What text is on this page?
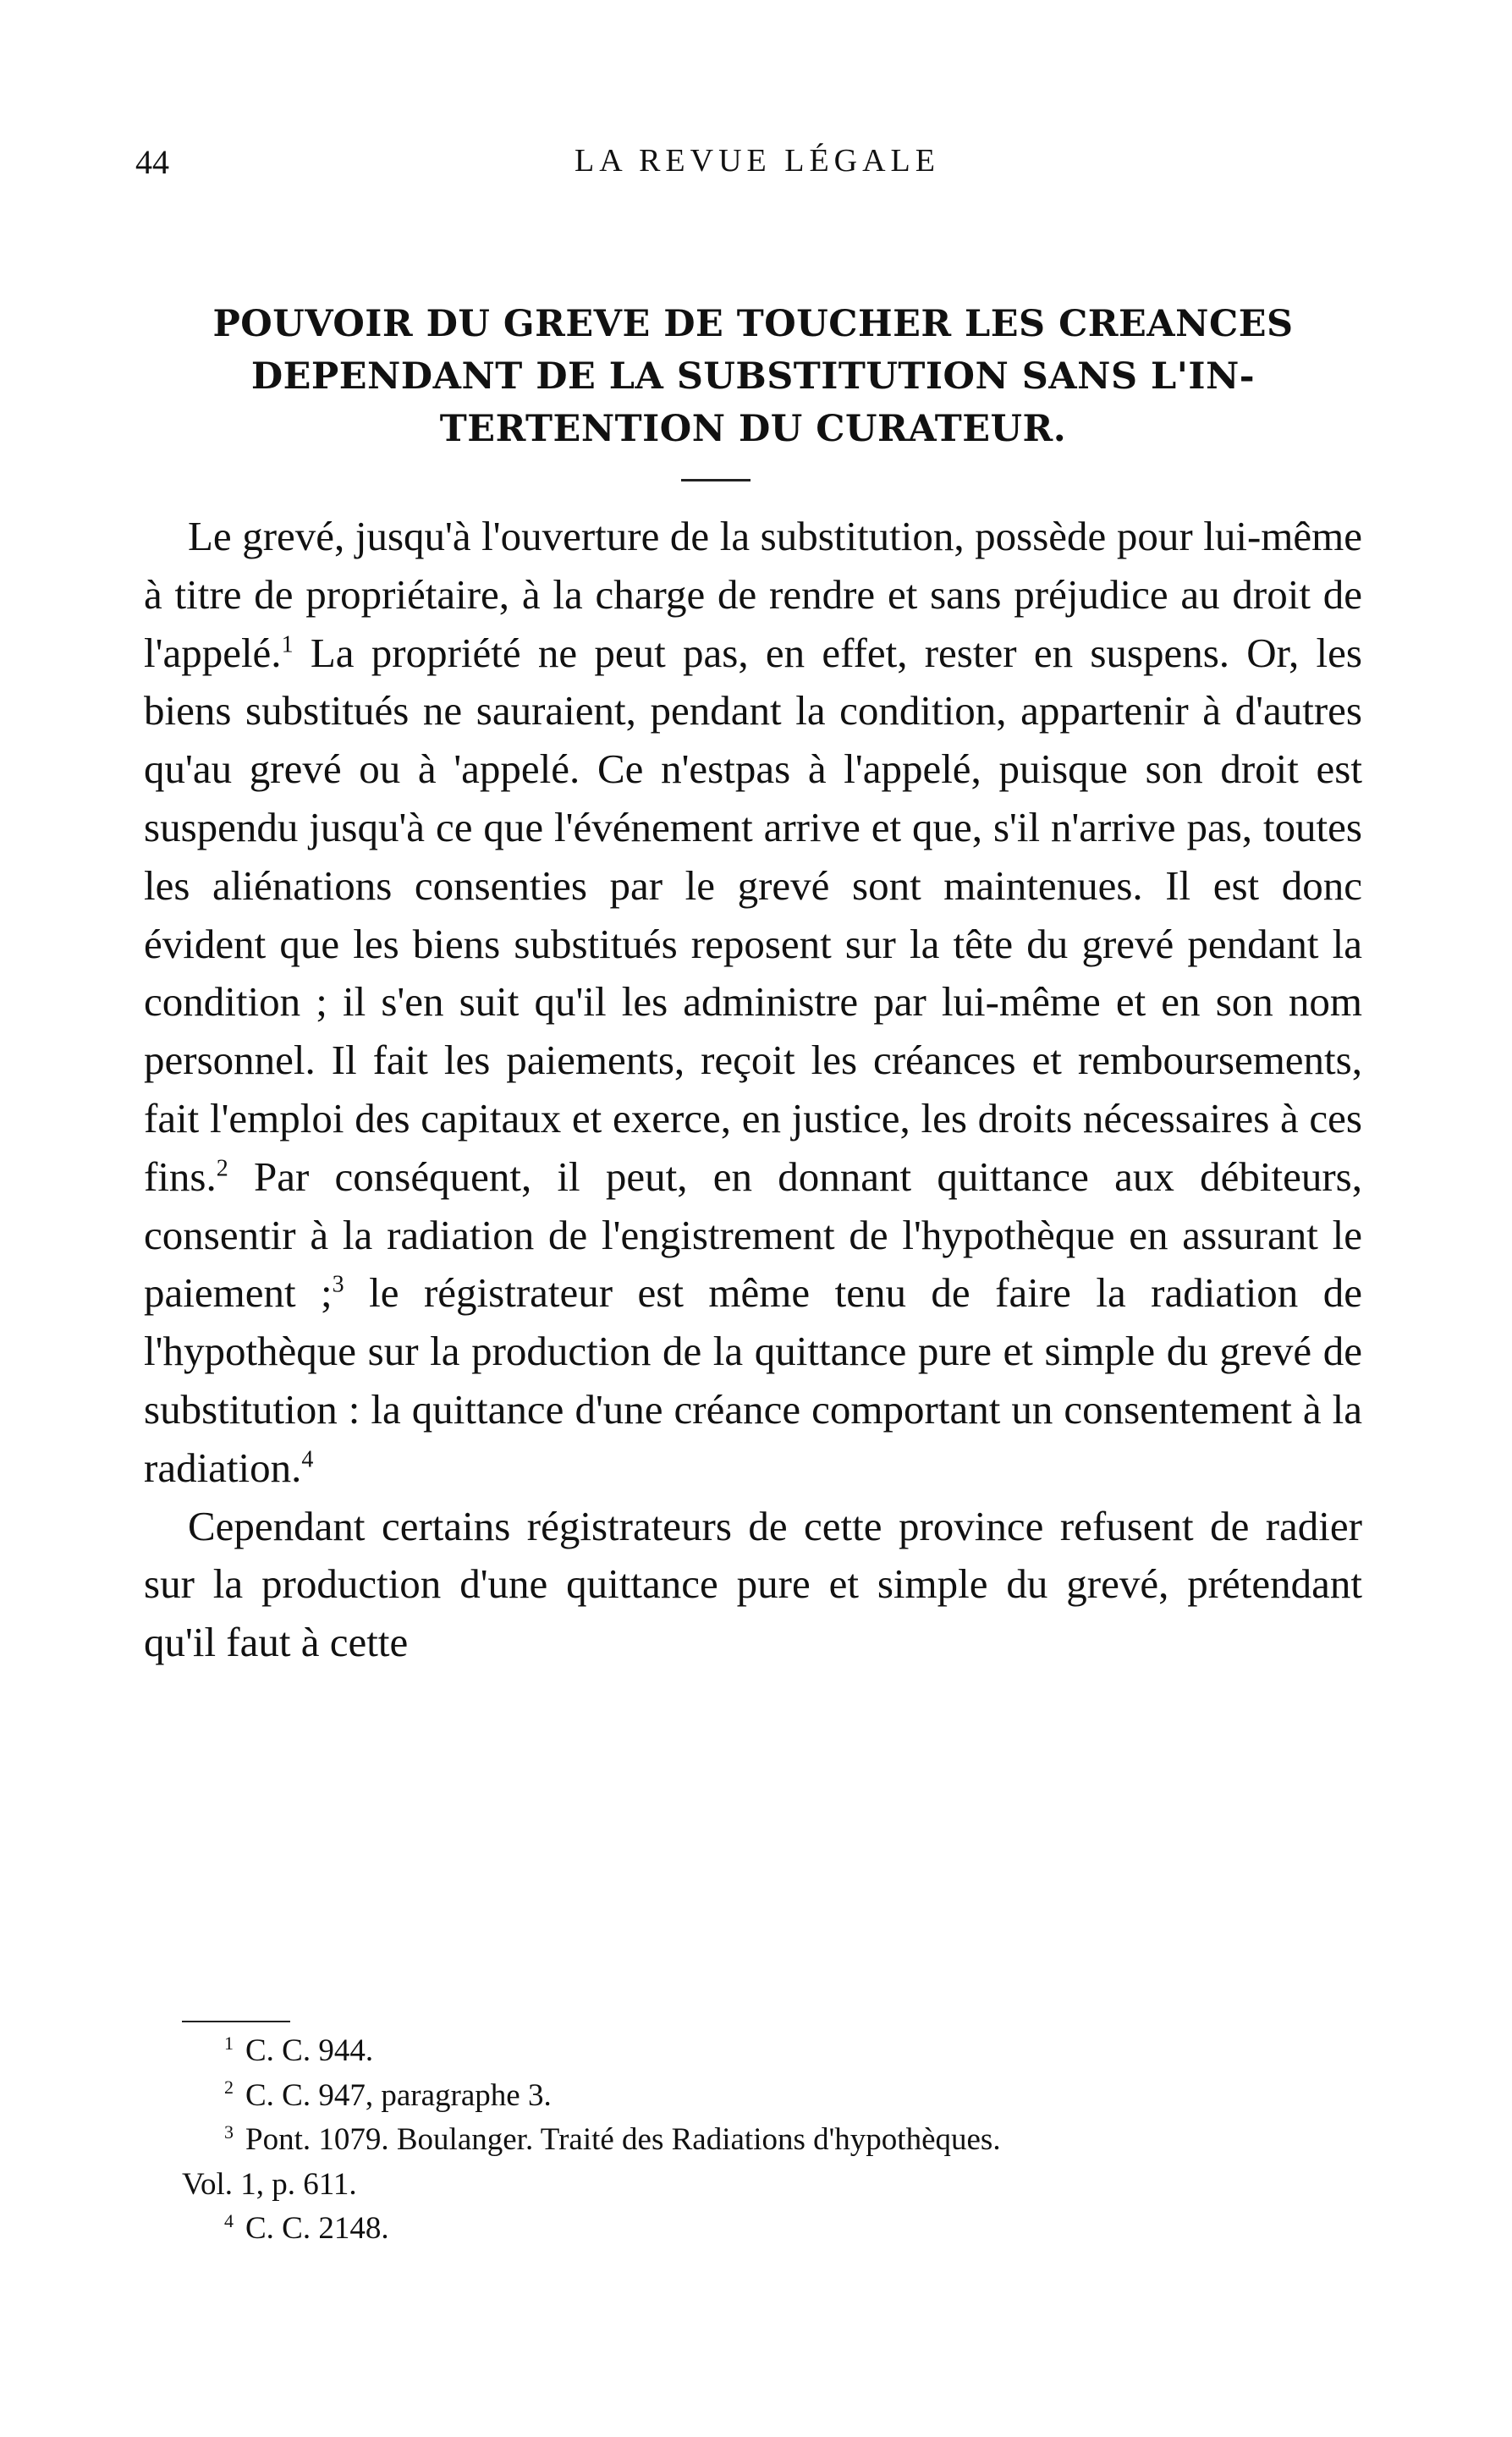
44	LA REVUE LÉGALE
POUVOIR DU GREVE DE TOUCHER LES CREANCES
DEPENDANT DE LA SUBSTITUTION SANS L'IN-
TERTENTION DU CURATEUR.

Le grevé, jusqu'à l'ouverture de la substitution, possède pour lui-même à titre de propriétaire, à la charge de rendre et sans préjudice au droit de l'appelé.$^1$ La propriété ne peut pas, en effet, rester en suspens. Or, les biens substitués ne sauraient, pendant la condition, appartenir à d'autres qu'au grevé ou à 'appelé. Ce n'estpas à l'appelé, puisque son droit est suspendu jusqu'à ce que l'événement arrive et que, s'il n'arrive pas, toutes les aliénations consenties par le grevé sont maintenues. Il est donc évident que les biens substitués reposent sur la tête du grevé pendant la condition ; il s'en suit qu'il les administre par lui-même et en son nom personnel. Il fait les paiements, reçoit les créances et remboursements, fait l'emploi des capitaux et exerce, en justice, les droits nécessaires à ces fins.$^2$ Par conséquent, il peut, en donnant quittance aux débiteurs, consentir à la radiation de l'engistrement de l'hypothèque en assurant le paiement ;$^3$ le régistrateur est même tenu de faire la radiation de l'hypothèque sur la production de la quittance pure et simple du grevé de substitution : la quittance d'une créance comportant un consentement à la radiation.$^4$

Cependant certains régistrateurs de cette province refusent de radier sur la production d'une quittance pure et simple du grevé, prétendant qu'il faut à cette

$^1$ C. C. 944.
$^2$ C. C. 947, paragraphe 3.
$^3$ Pont. 1079. Boulanger. Traité des Radiations d'hypothèques.
Vol. 1, p. 611.
$^4$ C. C. 2148.
